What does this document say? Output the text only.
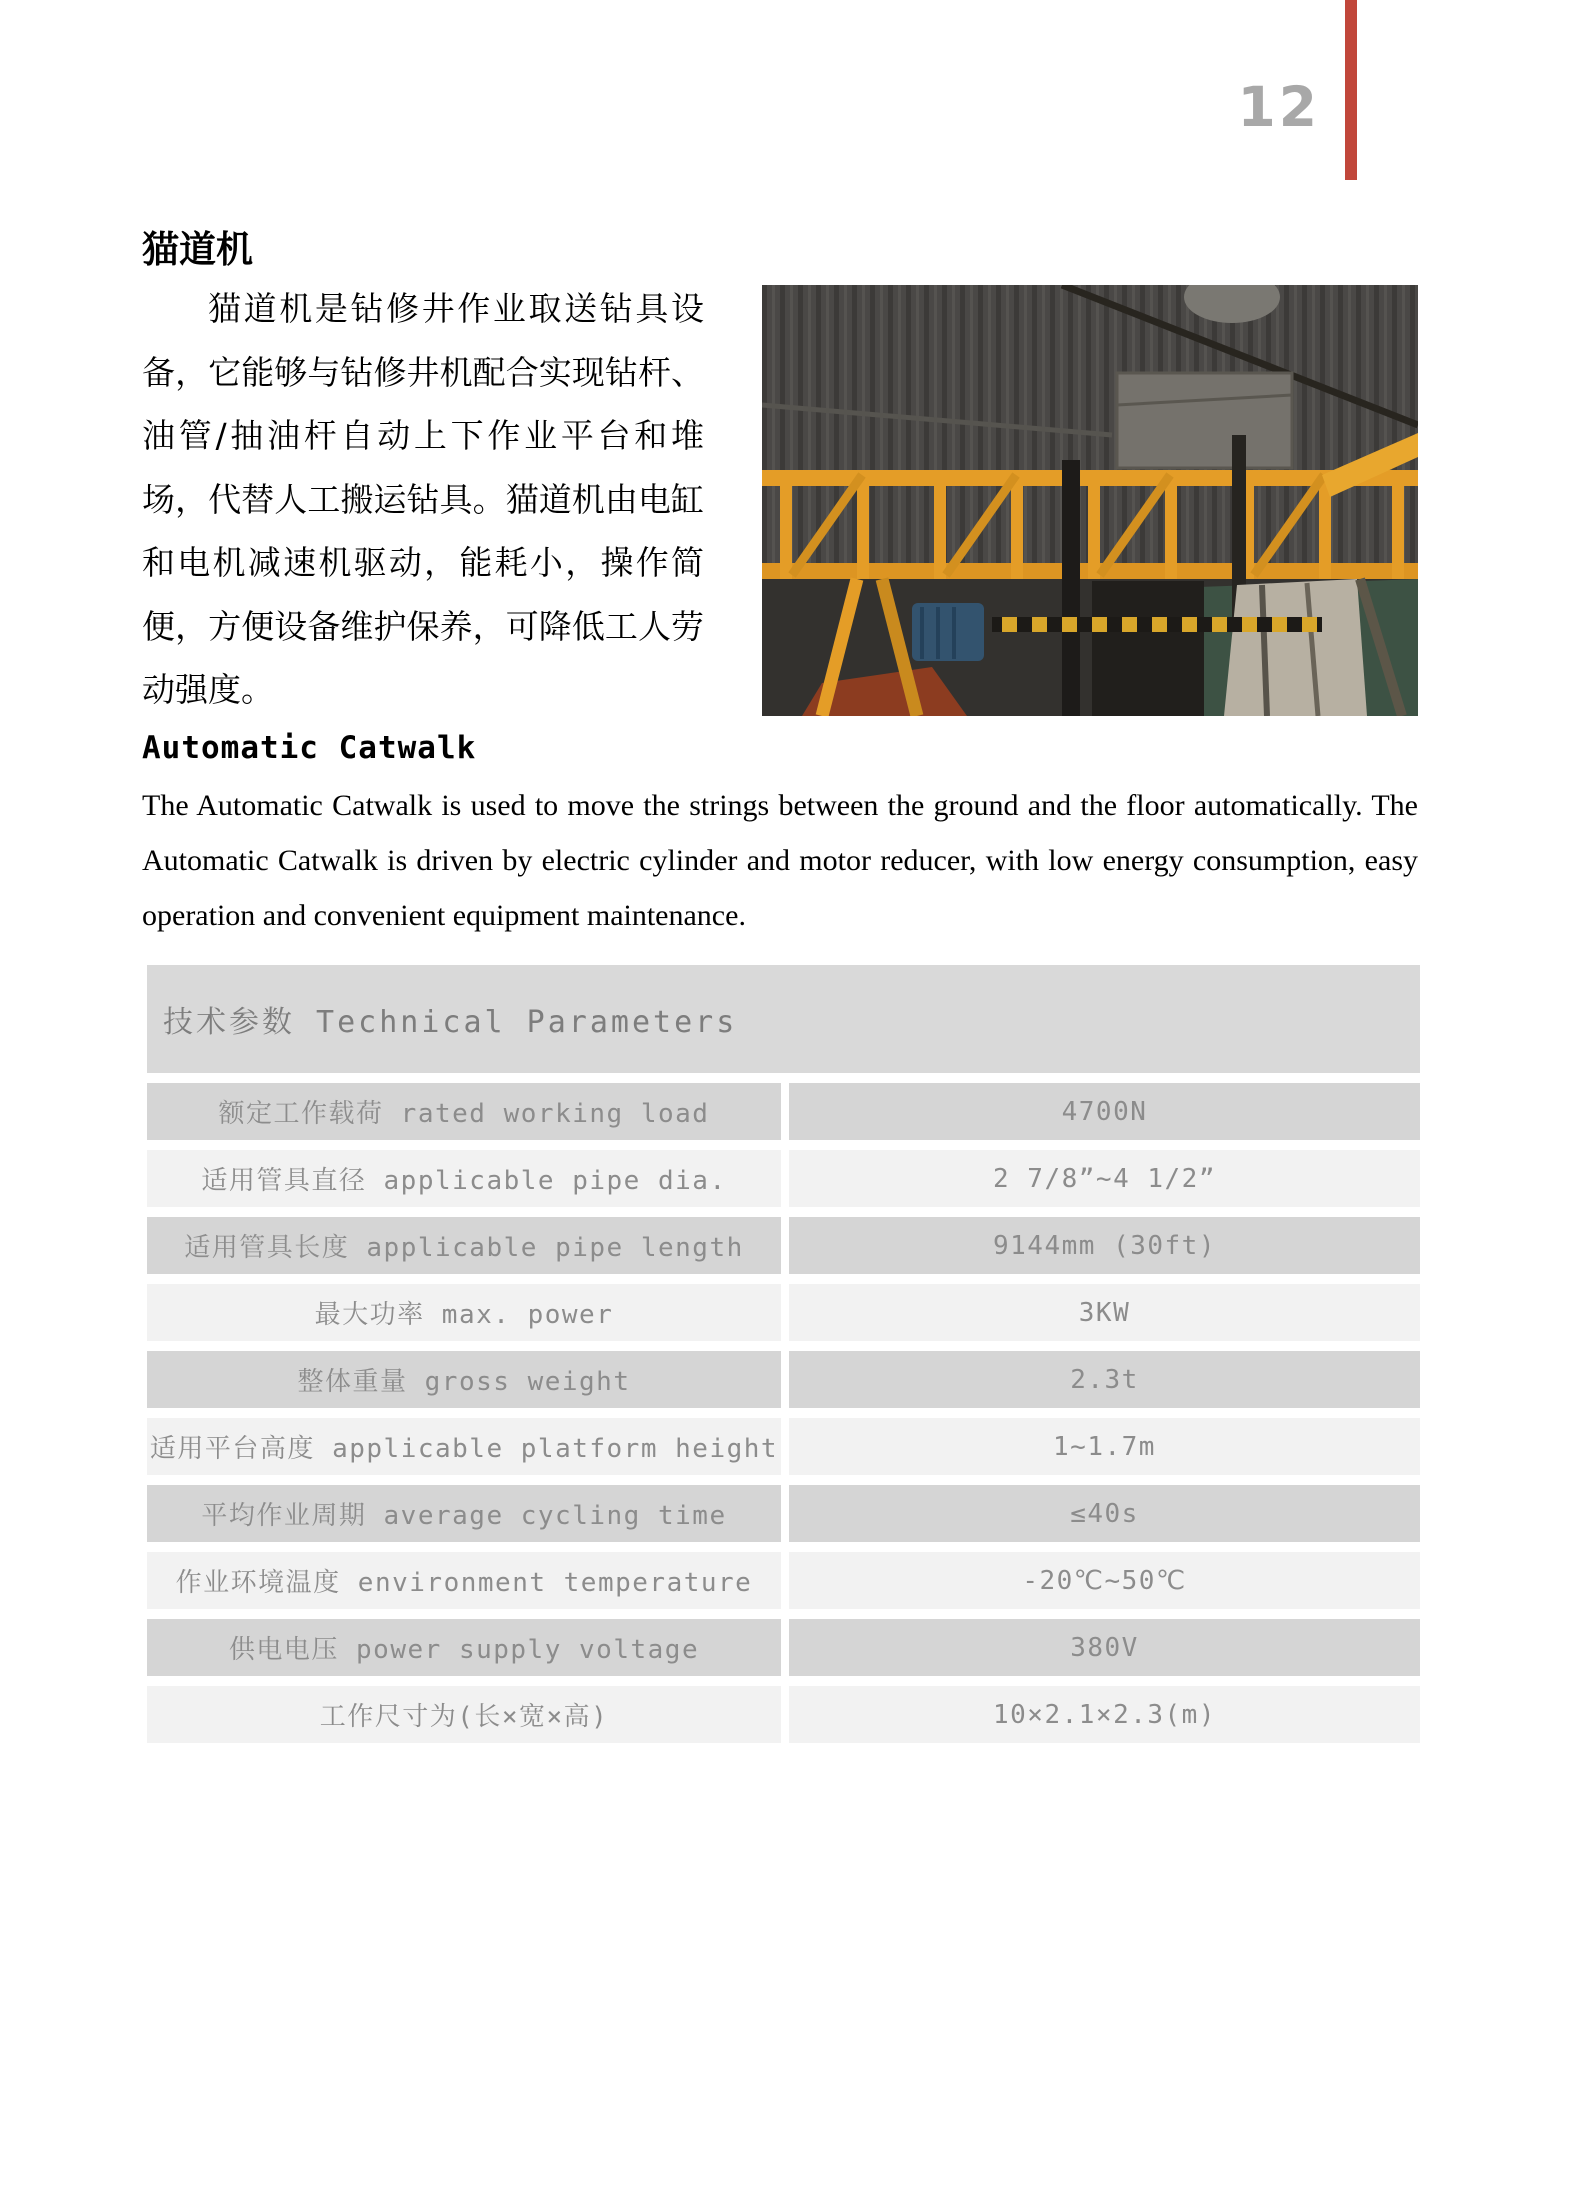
12
猫道机

猫道机是钻修井作业取送钻具设备，它能够与钻修井机配合实现钻杆、油管/抽油杆自动上下作业平台和堆场，代替人工搬运钻具。猫道机由电缸和电机减速机驱动，能耗小，操作简便，方便设备维护保养，可降低工人劳动强度。

Automatic Catwalk

The Automatic Catwalk is used to move the strings between the ground and the floor automatically. The Automatic Catwalk is driven by electric cylinder and motor reducer, with low energy consumption, easy operation and convenient equipment maintenance.

技术参数 Technical Parameters
额定工作载荷 rated working load	4700N
适用管具直径 applicable pipe dia.	2 7/8”~4 1/2”
适用管具长度 applicable pipe length	9144mm (30ft)
最大功率 max. power	3KW
整体重量 gross weight	2.3t
适用平台高度 applicable platform height	1~1.7m
平均作业周期 average cycling time	≤40s
作业环境温度 environment temperature	-20℃~50℃
供电电压 power supply voltage	380V
工作尺寸为(长×宽×高)	10×2.1×2.3(m)
